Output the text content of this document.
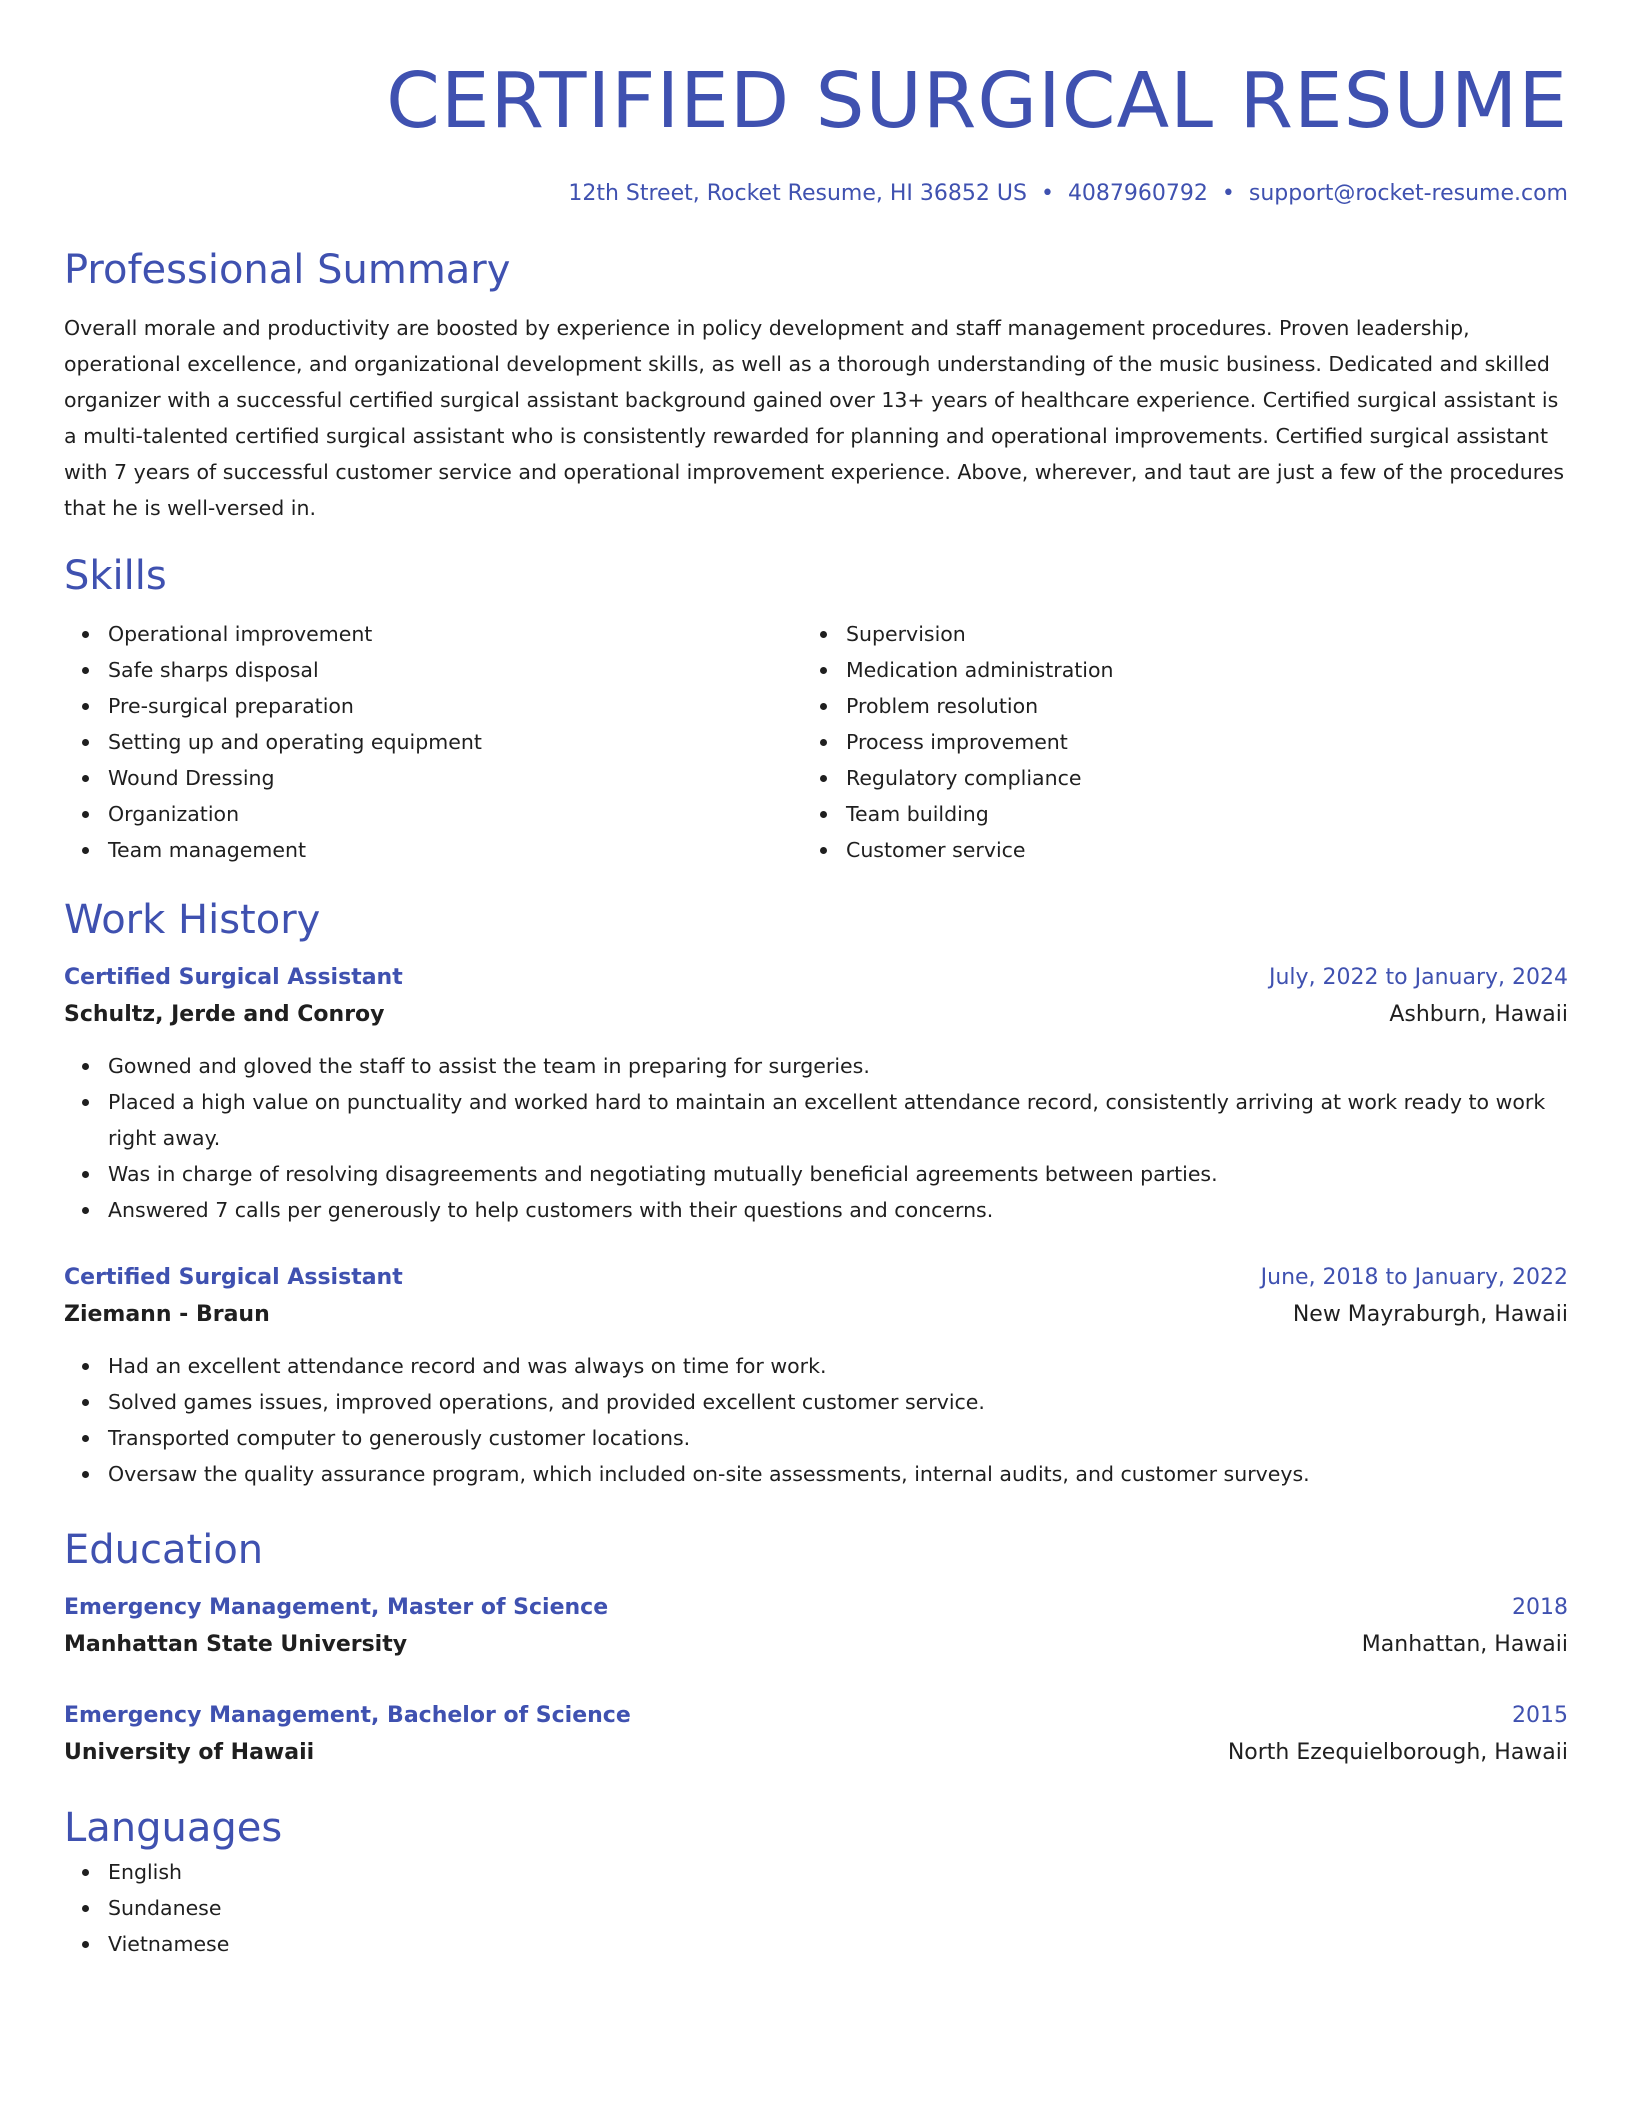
CERTIFIED SURGICAL RESUME
12th Street, Rocket Resume, HI 36852 US • 4087960792 • support@rocket-resume.com
Professional Summary

Overall morale and productivity are boosted by experience in policy development and staff management procedures. Proven leadership, operational excellence, and organizational development skills, as well as a thorough understanding of the music business. Dedicated and skilled organizer with a successful certified surgical assistant background gained over 13+ years of healthcare experience. Certified surgical assistant is a multi-talented certified surgical assistant who is consistently rewarded for planning and operational improvements. Certified surgical assistant with 7 years of successful customer service and operational improvement experience. Above, wherever, and taut are just a few of the procedures that he is well-versed in.

Skills
Operational improvement
Safe sharps disposal
Pre-surgical preparation
Setting up and operating equipment
Wound Dressing
Organization
Team management
Supervision
Medication administration
Problem resolution
Process improvement
Regulatory compliance
Team building
Customer service
Work History
Certified Surgical Assistant	July, 2022 to January, 2024
Schultz, Jerde and Conroy	Ashburn, Hawaii
Gowned and gloved the staff to assist the team in preparing for surgeries.
Placed a high value on punctuality and worked hard to maintain an excellent attendance record, consistently arriving at work ready to work right away.
Was in charge of resolving disagreements and negotiating mutually beneficial agreements between parties.
Answered 7 calls per generously to help customers with their questions and concerns.
Certified Surgical Assistant	June, 2018 to January, 2022
Ziemann - Braun	New Mayraburgh, Hawaii
Had an excellent attendance record and was always on time for work.
Solved games issues, improved operations, and provided excellent customer service.
Transported computer to generously customer locations.
Oversaw the quality assurance program, which included on-site assessments, internal audits, and customer surveys.
Education
Emergency Management, Master of Science	2018
Manhattan State University	Manhattan, Hawaii
Emergency Management, Bachelor of Science	2015
University of Hawaii	North Ezequielborough, Hawaii
Languages
English
Sundanese
Vietnamese
